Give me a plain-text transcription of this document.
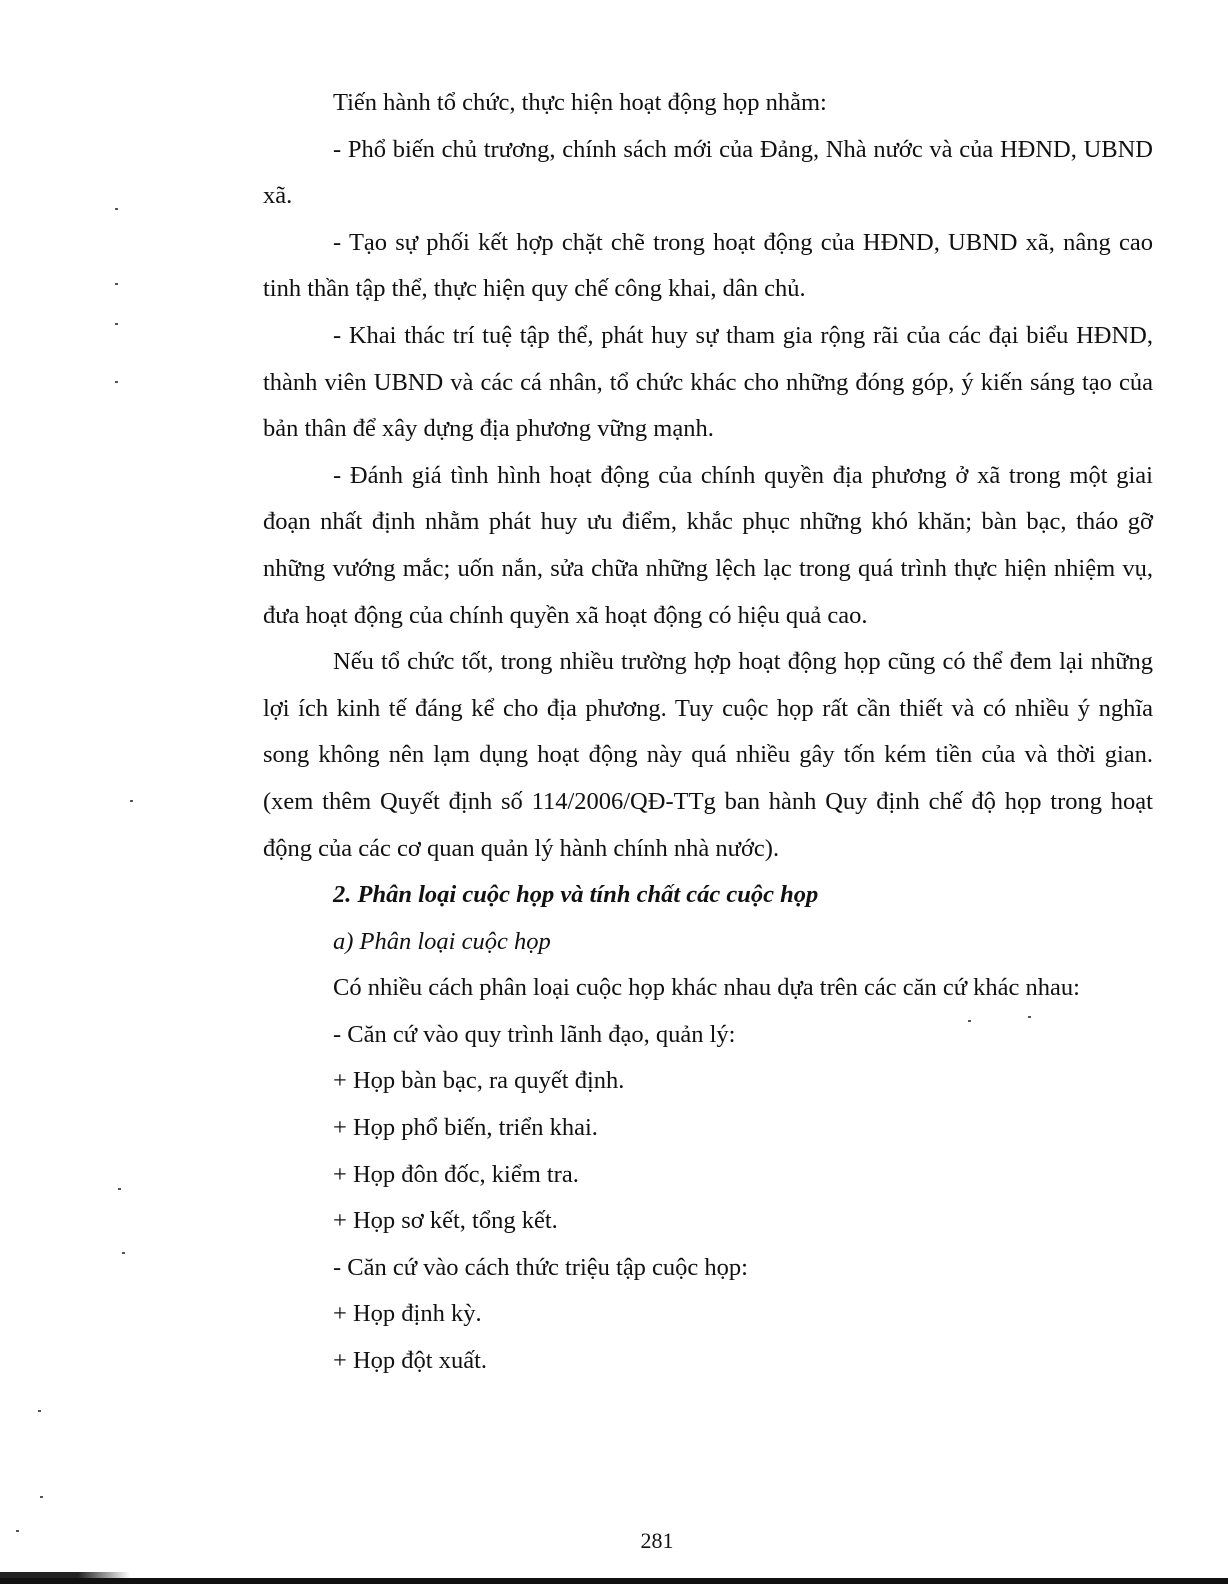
Tiến hành tổ chức, thực hiện hoạt động họp nhằm:

- Phổ biến chủ trương, chính sách mới của Đảng, Nhà nước và của HĐND, UBND xã.

- Tạo sự phối kết hợp chặt chẽ trong hoạt động của HĐND, UBND xã, nâng cao tinh thần tập thể, thực hiện quy chế công khai, dân chủ.

- Khai thác trí tuệ tập thể, phát huy sự tham gia rộng rãi của các đại biểu HĐND, thành viên UBND và các cá nhân, tổ chức khác cho những đóng góp, ý kiến sáng tạo của bản thân để xây dựng địa phương vững mạnh.

- Đánh giá tình hình hoạt động của chính quyền địa phương ở xã trong một giai đoạn nhất định nhằm phát huy ưu điểm, khắc phục những khó khăn; bàn bạc, tháo gỡ những vướng mắc; uốn nắn, sửa chữa những lệch lạc trong quá trình thực hiện nhiệm vụ, đưa hoạt động của chính quyền xã hoạt động có hiệu quả cao.

Nếu tổ chức tốt, trong nhiều trường hợp hoạt động họp cũng có thể đem lại những lợi ích kinh tế đáng kể cho địa phương. Tuy cuộc họp rất cần thiết và có nhiều ý nghĩa song không nên lạm dụng hoạt động này quá nhiều gây tốn kém tiền của và thời gian. (xem thêm Quyết định số 114/2006/QĐ-TTg ban hành Quy định chế độ họp trong hoạt động của các cơ quan quản lý hành chính nhà nước).

2. Phân loại cuộc họp và tính chất các cuộc họp

a) Phân loại cuộc họp

Có nhiều cách phân loại cuộc họp khác nhau dựa trên các căn cứ khác nhau:

- Căn cứ vào quy trình lãnh đạo, quản lý:

+ Họp bàn bạc, ra quyết định.

+ Họp phổ biến, triển khai.

+ Họp đôn đốc, kiểm tra.

+ Họp sơ kết, tổng kết.

- Căn cứ vào cách thức triệu tập cuộc họp:

+ Họp định kỳ.

+ Họp đột xuất.

281
